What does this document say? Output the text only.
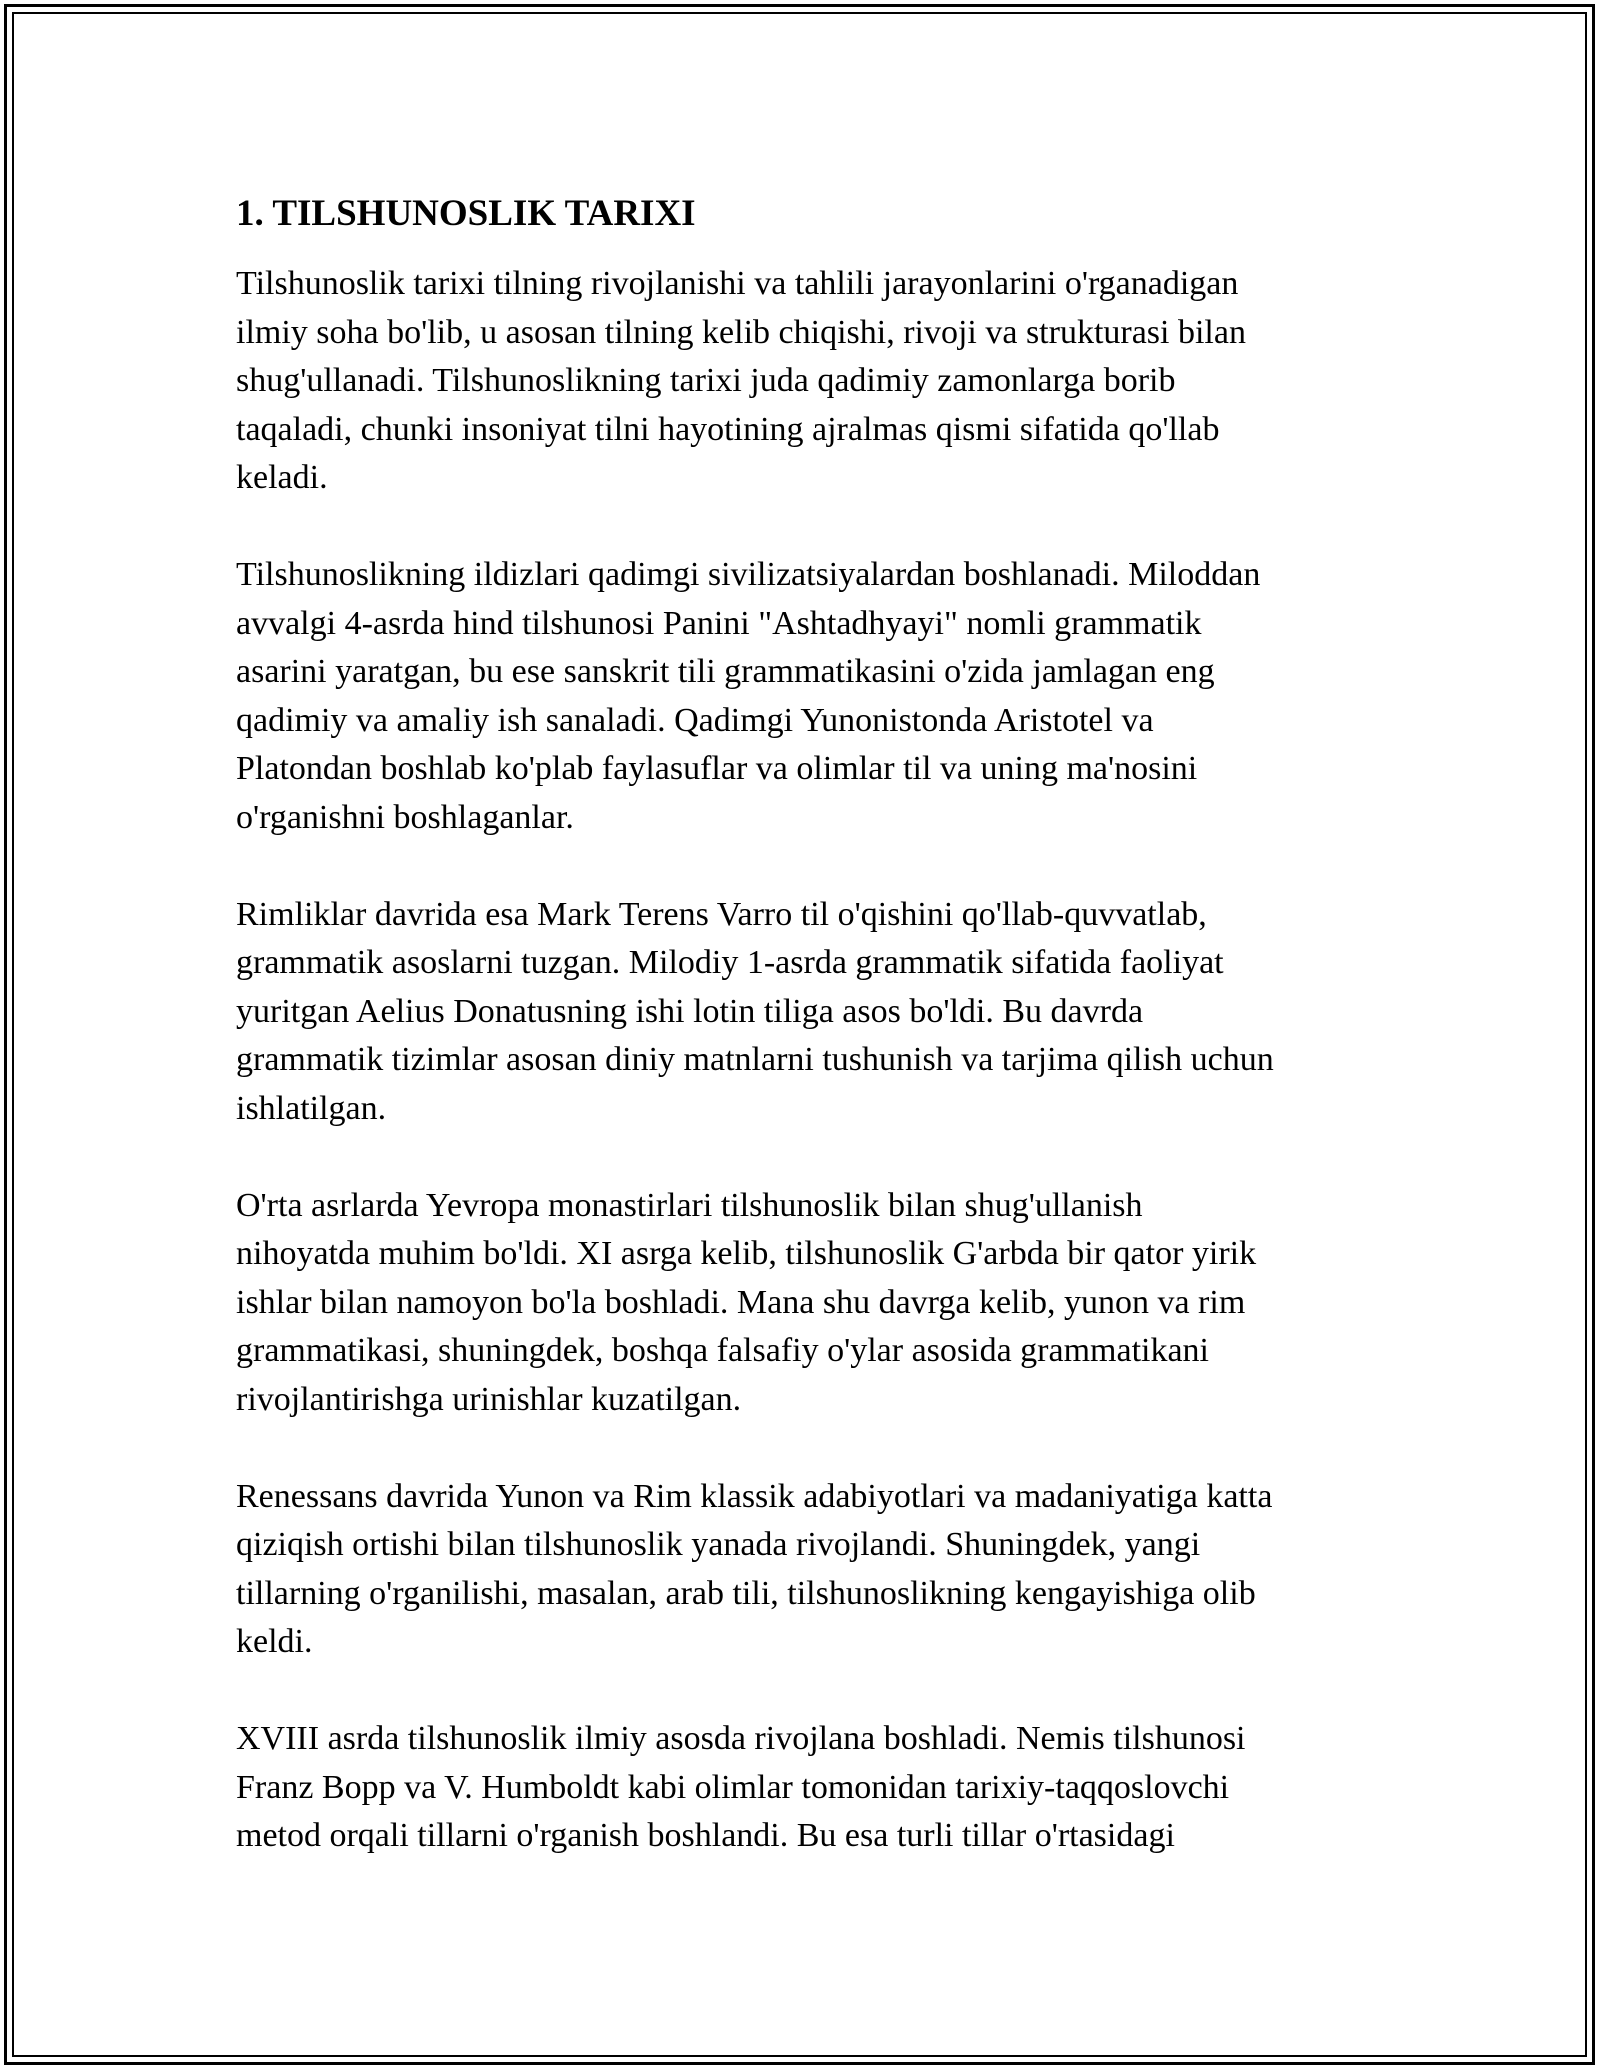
1. TILSHUNOSLIK TARIXI
Tilshunoslik tarixi tilning rivojlanishi va tahlili jarayonlarini o'rganadigan
ilmiy soha bo'lib, u asosan tilning kelib chiqishi, rivoji va strukturasi bilan
shug'ullanadi. Tilshunoslikning tarixi juda qadimiy zamonlarga borib
taqaladi, chunki insoniyat tilni hayotining ajralmas qismi sifatida qo'llab
keladi.
Tilshunoslikning ildizlari qadimgi sivilizatsiyalardan boshlanadi. Miloddan
avvalgi 4-asrda hind tilshunosi Panini "Ashtadhyayi" nomli grammatik
asarini yaratgan, bu ese sanskrit tili grammatikasini o'zida jamlagan eng
qadimiy va amaliy ish sanaladi. Qadimgi Yunonistonda Aristotel va
Platondan boshlab ko'plab faylasuflar va olimlar til va uning ma'nosini
o'rganishni boshlaganlar.
Rimliklar davrida esa Mark Terens Varro til o'qishini qo'llab-quvvatlab,
grammatik asoslarni tuzgan. Milodiy 1-asrda grammatik sifatida faoliyat
yuritgan Aelius Donatusning ishi lotin tiliga asos bo'ldi. Bu davrda
grammatik tizimlar asosan diniy matnlarni tushunish va tarjima qilish uchun
ishlatilgan.
O'rta asrlarda Yevropa monastirlari tilshunoslik bilan shug'ullanish
nihoyatda muhim bo'ldi. XI asrga kelib, tilshunoslik G'arbda bir qator yirik
ishlar bilan namoyon bo'la boshladi. Mana shu davrga kelib, yunon va rim
grammatikasi, shuningdek, boshqa falsafiy o'ylar asosida grammatikani
rivojlantirishga urinishlar kuzatilgan.
Renessans davrida Yunon va Rim klassik adabiyotlari va madaniyatiga katta
qiziqish ortishi bilan tilshunoslik yanada rivojlandi. Shuningdek, yangi
tillarning o'rganilishi, masalan, arab tili, tilshunoslikning kengayishiga olib
keldi.
XVIII asrda tilshunoslik ilmiy asosda rivojlana boshladi. Nemis tilshunosi
Franz Bopp va V. Humboldt kabi olimlar tomonidan tarixiy-taqqoslovchi
metod orqali tillarni o'rganish boshlandi. Bu esa turli tillar o'rtasidagi
